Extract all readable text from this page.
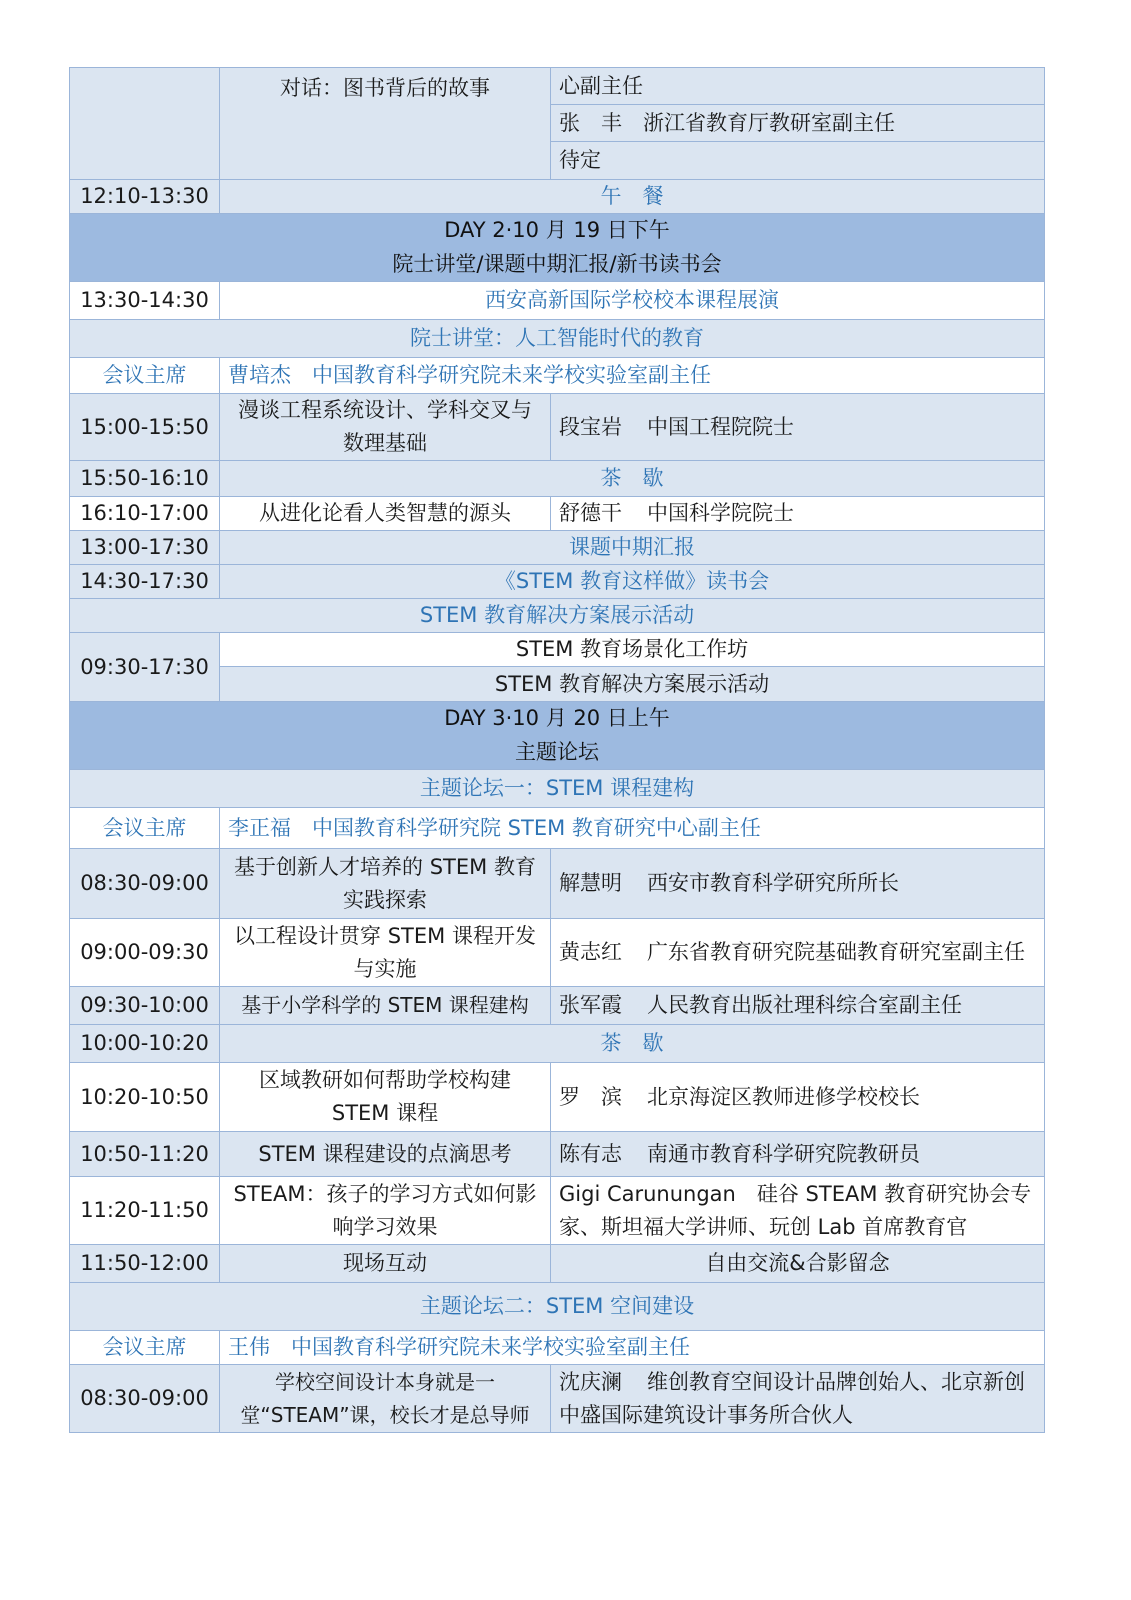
	对话：图书背后的故事	心副主任
		张　丰　浙江省教育厅教研室副主任
		待定
12:10-13:30	午　餐	
DAY 2·10 月 19 日下午		
院士讲堂/课题中期汇报/新书读书会		
13:30-14:30	西安高新国际学校校本课程展演	
院士讲堂：人工智能时代的教育		
会议主席	曹培杰　 中国教育科学研究院未来学校实验室副主任	
15:00-15:50	漫谈工程系统设计、学科交叉与数理基础	段宝岩 中国工程院院士
15:50-16:10	茶　歇	
16:10-17:00	从进化论看人类智慧的源头	舒德干 中国科学院院士
13:00-17:30	课题中期汇报	
14:30-17:30	《STEM 教育这样做》读书会	
STEM 教育解决方案展示活动		
09:30-17:30	STEM 教育场景化工作坊	
	STEM 教育解决方案展示活动	
DAY 3·10 月 20 日上午		
主题论坛		
主题论坛一：STEM 课程建构		
会议主席	李正福　 中国教育科学研究院 STEM 教育研究中心副主任	
08:30-09:00	基于创新人才培养的 STEM 教育实践探索	解慧明 西安市教育科学研究所所长
09:00-09:30	以工程设计贯穿 STEM 课程开发与实施	黄志红 广东省教育研究院基础教育研究室副主任
09:30-10:00	基于小学科学的 STEM 课程建构	张军霞 人民教育出版社理科综合室副主任
10:00-10:20	茶　歇	
10:20-10:50	区域教研如何帮助学校构建 STEM 课程	罗　滨 北京海淀区教师进修学校校长
10:50-11:20	STEM 课程建设的点滴思考	陈有志 南通市教育科学研究院教研员
11:20-11:50	STEAM：孩子的学习方式如何影响学习效果	Gigi Carunungan　 硅谷 STEAM 教育研究协会专家、斯坦福大学讲师、玩创 Lab 首席教育官
11:50-12:00	现场互动	自由交流&合影留念
主题论坛二：STEM 空间建设		
会议主席	王伟　 中国教育科学研究院未来学校实验室副主任	
08:30-09:00	学校空间设计本身就是一堂“STEAM”课，校长才是总导师	沈庆澜 维创教育空间设计品牌创始人、北京新创中盛国际建筑设计事务所合伙人
